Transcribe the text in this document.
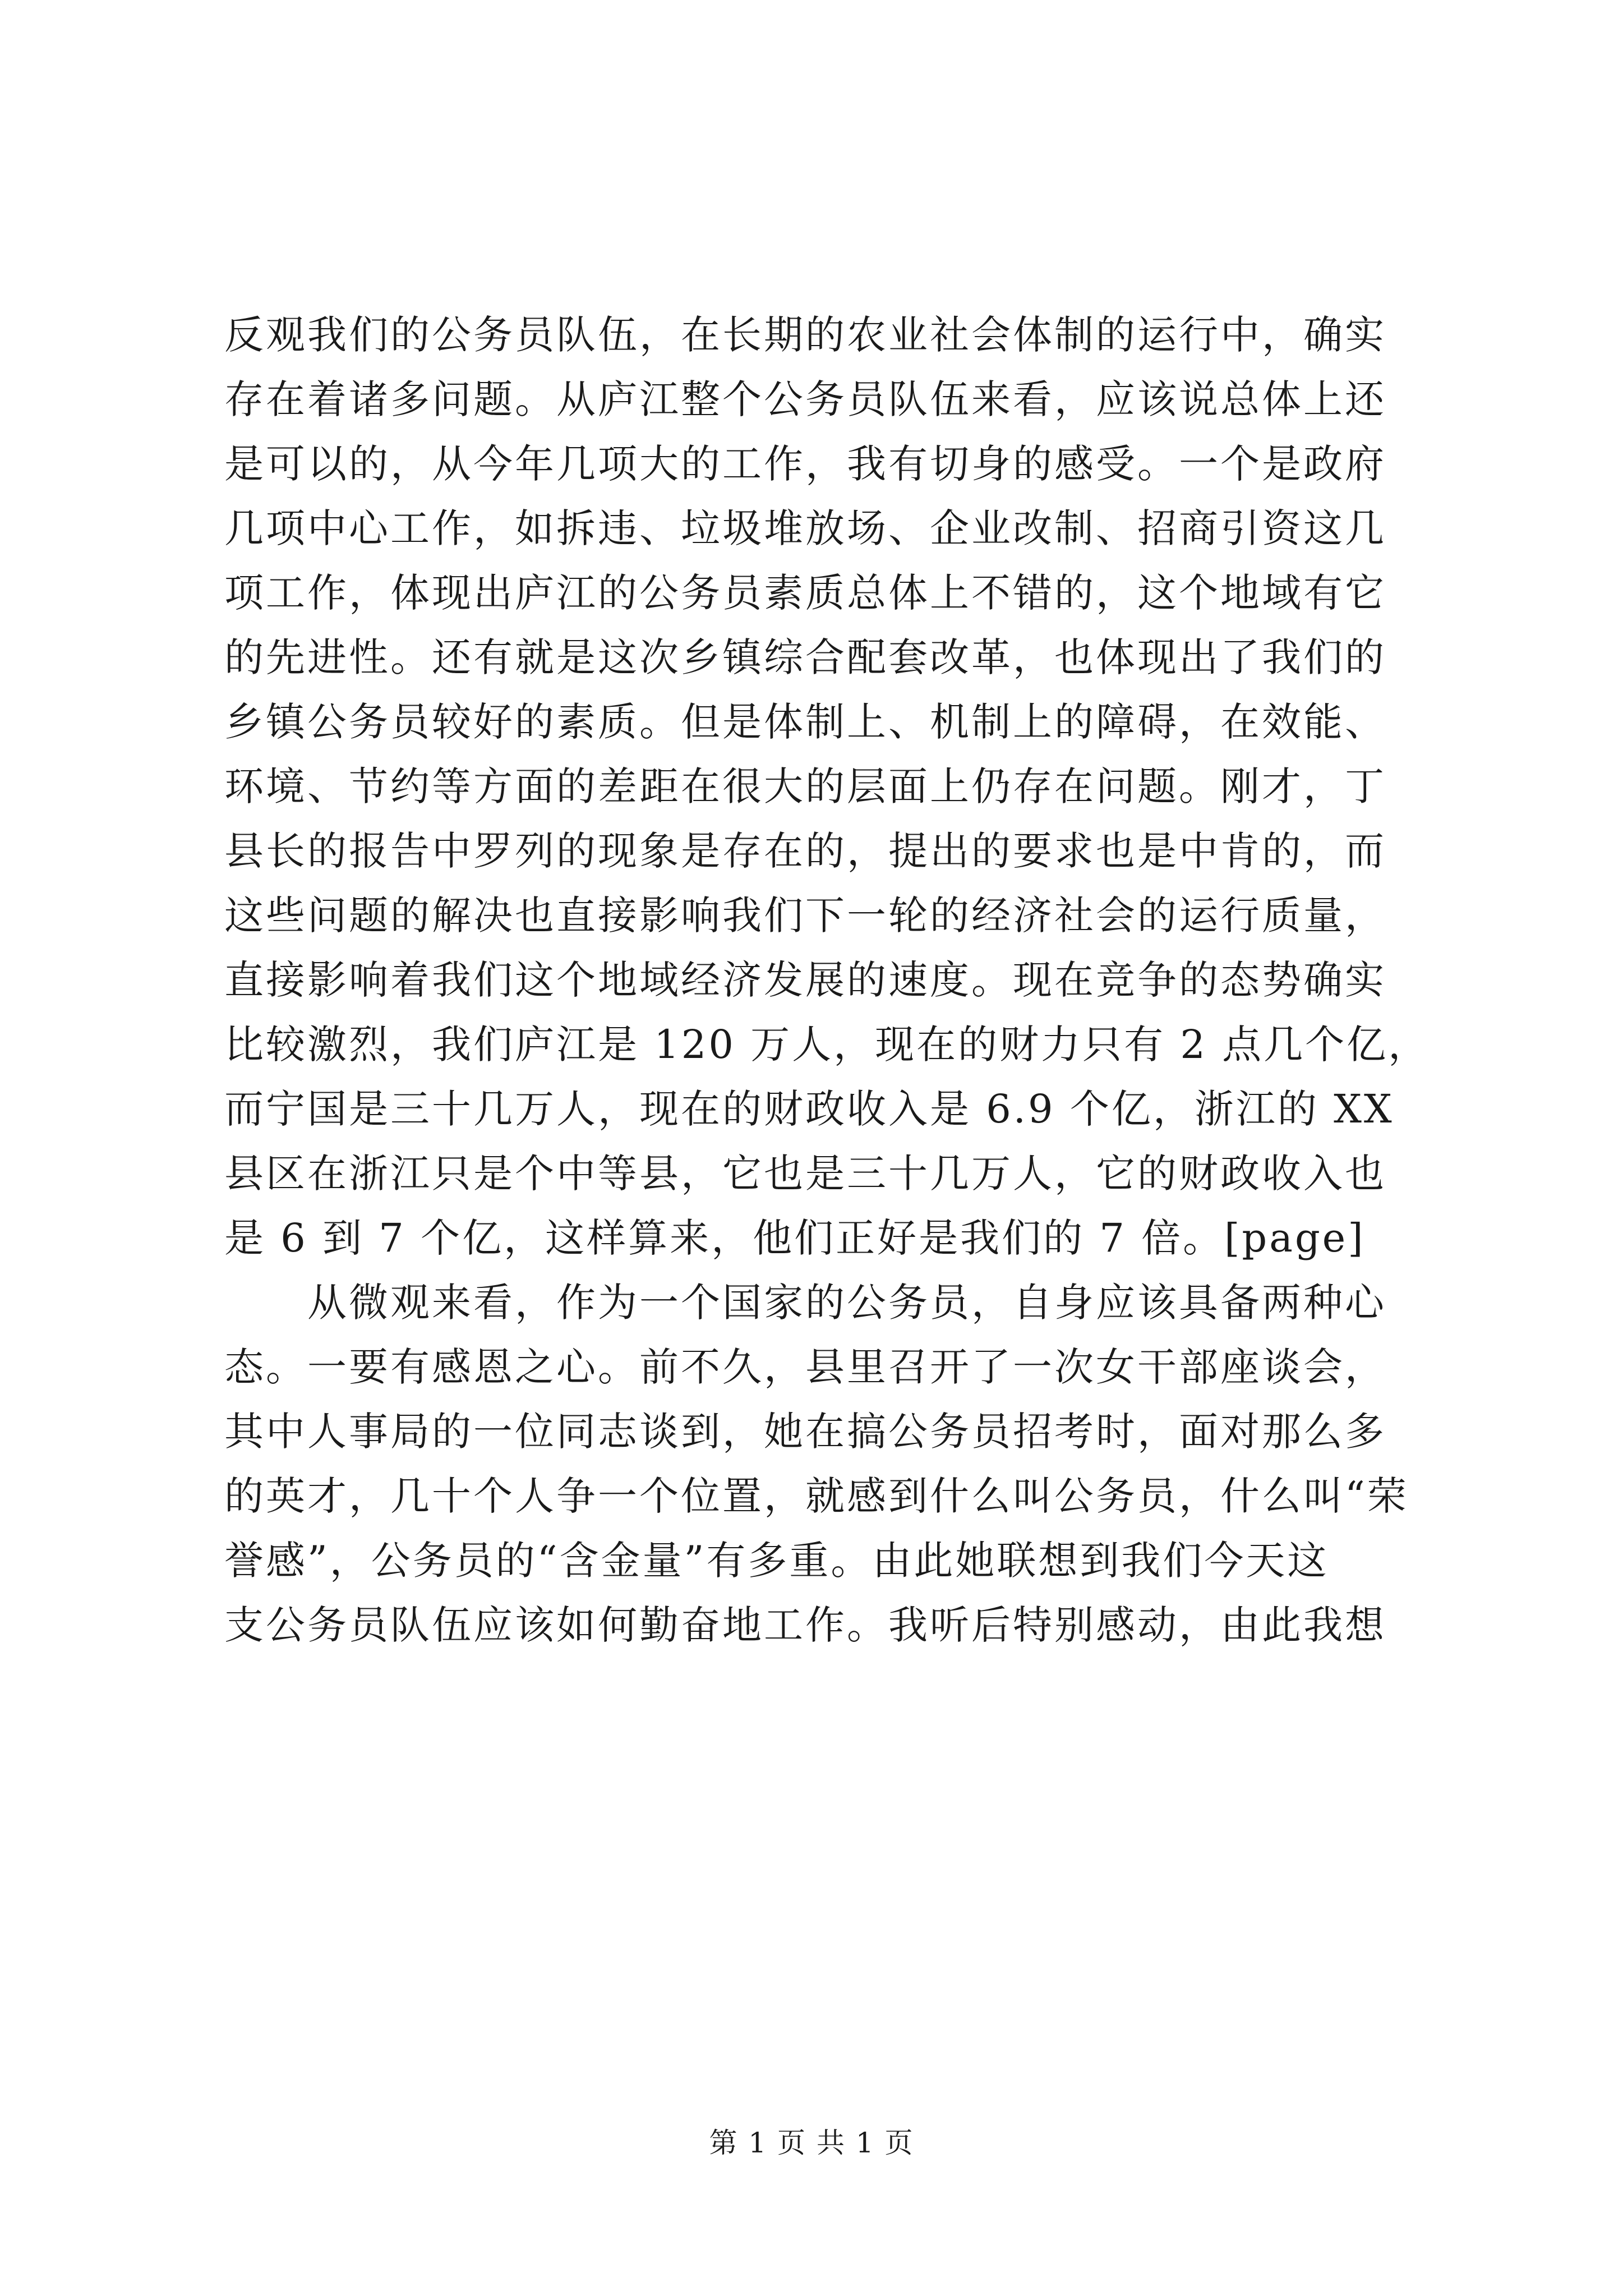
反观我们的公务员队伍，在长期的农业社会体制的运行中，确实
存在着诸多问题。从庐江整个公务员队伍来看，应该说总体上还
是可以的，从今年几项大的工作，我有切身的感受。一个是政府
几项中心工作，如拆违、垃圾堆放场、企业改制、招商引资这几
项工作，体现出庐江的公务员素质总体上不错的，这个地域有它
的先进性。还有就是这次乡镇综合配套改革，也体现出了我们的
乡镇公务员较好的素质。但是体制上、机制上的障碍，在效能、
环境、节约等方面的差距在很大的层面上仍存在问题。刚才，丁
县长的报告中罗列的现象是存在的，提出的要求也是中肯的，而
这些问题的解决也直接影响我们下一轮的经济社会的运行质量，
直接影响着我们这个地域经济发展的速度。现在竞争的态势确实
比较激烈，我们庐江是 120 万人，现在的财力只有 2 点几个亿，
而宁国是三十几万人，现在的财政收入是 6.9 个亿，浙江的 XX
县区在浙江只是个中等县，它也是三十几万人，它的财政收入也
是 6 到 7 个亿，这样算来，他们正好是我们的 7 倍。[page]
从微观来看，作为一个国家的公务员，自身应该具备两种心
态。一要有感恩之心。前不久，县里召开了一次女干部座谈会，
其中人事局的一位同志谈到，她在搞公务员招考时，面对那么多
的英才，几十个人争一个位置，就感到什么叫公务员，什么叫“荣
誉感”，公务员的“含金量”有多重。由此她联想到我们今天这
支公务员队伍应该如何勤奋地工作。我听后特别感动，由此我想
第 1 页 共 1 页
